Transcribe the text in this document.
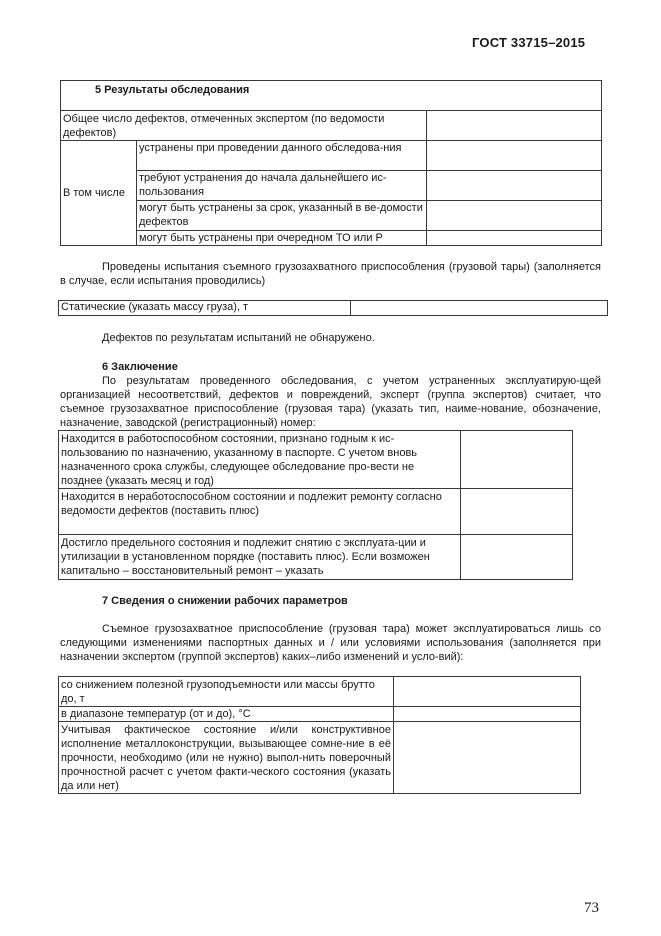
ГОСТ 33715–2015
5 Результаты обследования		
Общее число дефектов, отмеченных экспертом (по ведомости дефектов)		
В том числе	устранены при проведении данного обследова-ния	
	требуют устранения до начала дальнейшего ис-пользования	
	могут быть устранены за срок, указанный в ве-домости дефектов	
	могут быть устранены при очередном ТО или Р	
Проведены испытания съемного грузозахватного приспособления (грузовой тары) (заполняется в случае, если испытания проводились)
Статические (указать массу груза), т	
Дефектов по результатам испытаний не обнаружено.
6 Заключение
По результатам проведенного обследования, с учетом устраненных эксплуатирую-щей организацией несоответствий, дефектов и повреждений, эксперт (группа экспертов) считает, что съемное грузозахватное приспособление (грузовая тара) (указать тип, наиме-нование, обозначение, назначение, заводской (регистрационный) номер:
Находится в работоспособном состоянии, признано годным к ис-пользованию по назначению, указанному в паспорте. С учетом вновь назначенного срока службы, следующее обследование про-вести не позднее (указать месяц и год)	
Находится в неработоспособном состоянии и подлежит ремонту согласно ведомости дефектов (поставить плюс)	
Достигло предельного состояния и подлежит снятию с эксплуата-ции и утилизации в установленном порядке (поставить плюс). Если возможен капитально – восстановительный ремонт – указать	
7 Сведения о снижении рабочих параметров
Съемное грузозахватное приспособление (грузовая тара) может эксплуатироваться лишь со следующими изменениями паспортных данных и / или условиями использования (заполняется при назначении экспертом (группой экспертов) каких–либо изменений и усло-вий):
со снижением полезной грузоподъемности или массы брутто до, т	
в диапазоне температур (от и до), °С	
Учитывая фактическое состояние и/или конструктивное исполнение металлоконструкции, вызывающее сомне-ние в её прочности, необходимо (или не нужно) выпол-нить поверочный прочностной расчет с учетом факти-ческого состояния (указать да или нет)	
73
